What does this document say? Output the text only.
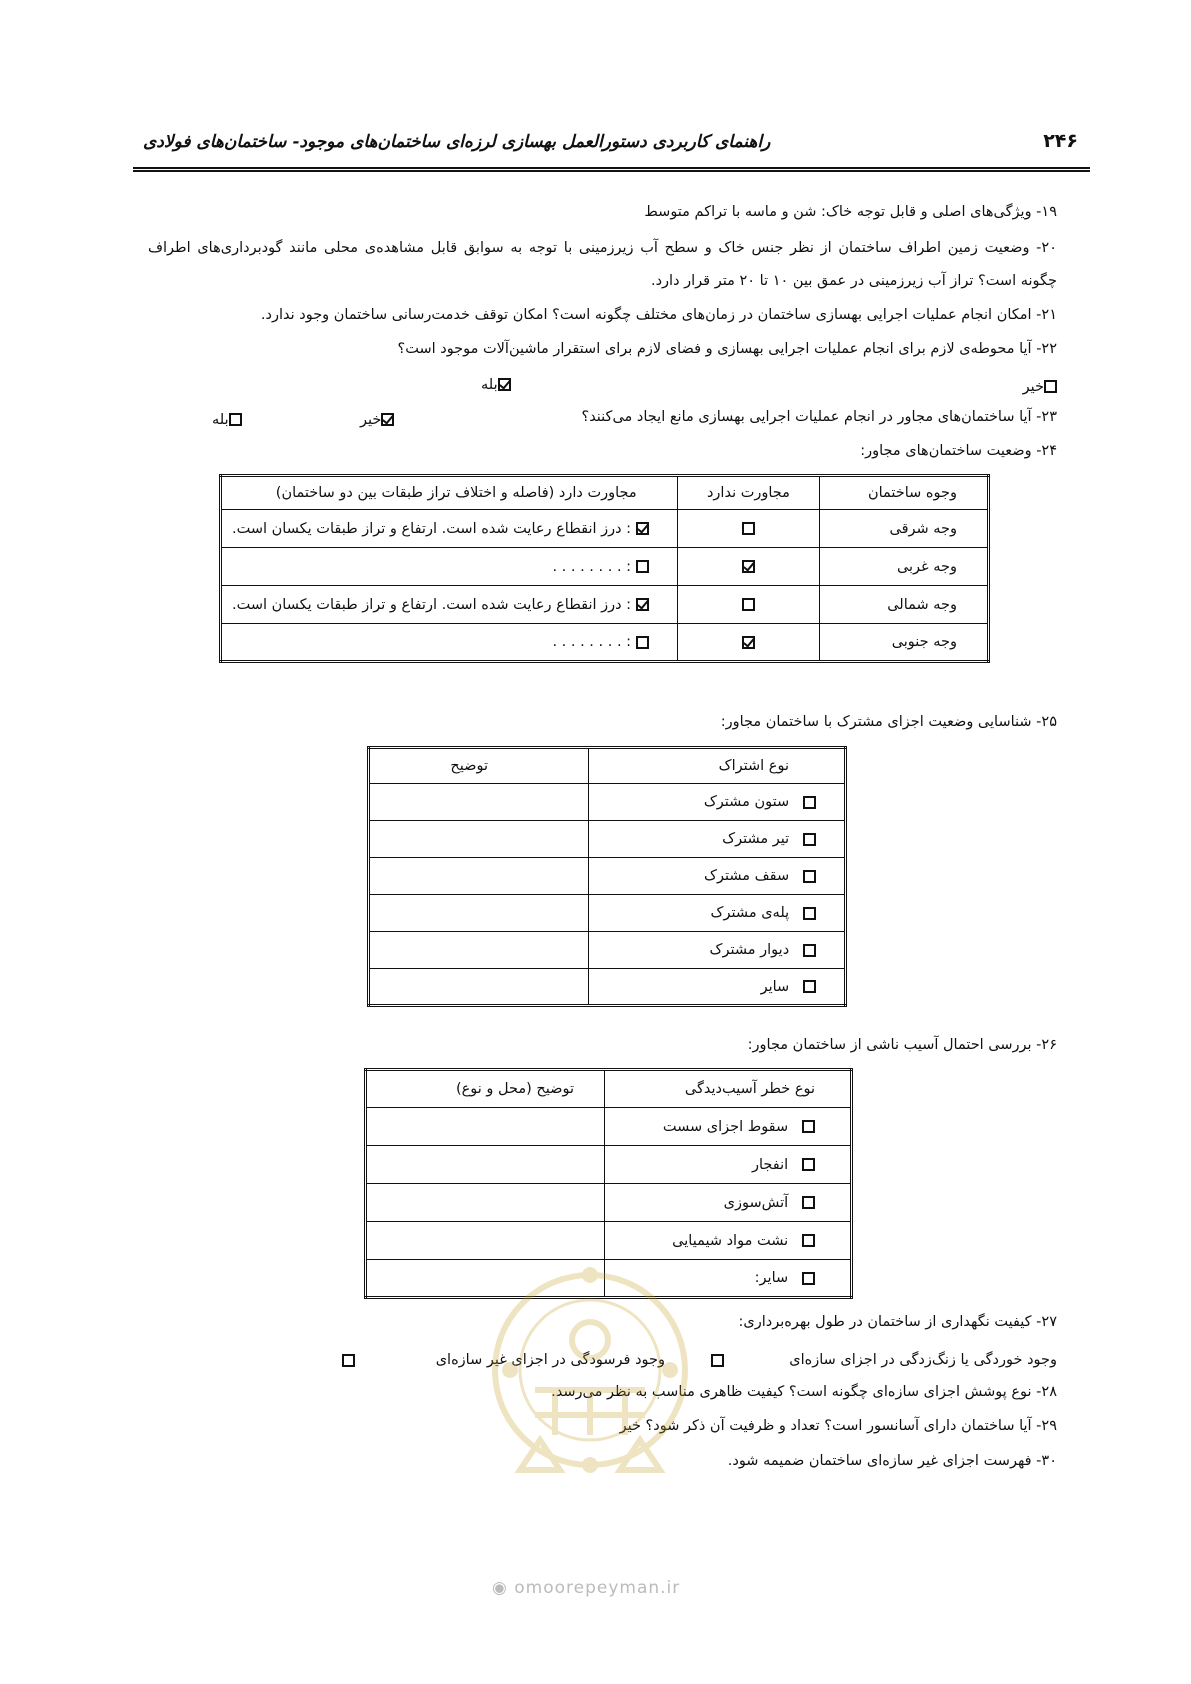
راهنمای کاربردی دستورالعمل بهسازی لرزه‌ای ساختمان‌های موجود- ساختمان‌های فولادی	۲۴۶
۱۹- ویژگی‌های اصلی و قابل توجه خاک: شن و ماسه با تراکم متوسط
۲۰- وضعیت زمین اطراف ساختمان از نظر جنس خاک و سطح آب زیرزمینی با توجه به سوابق قابل مشاهده‌ی محلی مانند گودبرداری‌های اطراف
چگونه است؟ تراز آب زیرزمینی در عمق بین ۱۰ تا ۲۰ متر قرار دارد.
۲۱- امکان انجام عملیات اجرایی بهسازی ساختمان در زمان‌های مختلف چگونه است؟ امکان توقف خدمت‌رسانی ساختمان وجود ندارد.
۲۲- آیا محوطه‌ی لازم برای انجام عملیات اجرایی بهسازی و فضای لازم برای استقرار ماشین‌آلات موجود است؟
بله	خیر
۲۳- آیا ساختمان‌های مجاور در انجام عملیات اجرایی بهسازی مانع ایجاد می‌کنند؟
خیر
بله
۲۴- وضعیت ساختمان‌های مجاور:
وجوه ساختمان	مجاورت ندارد	مجاورت دارد (فاصله و اختلاف تراز طبقات بین دو ساختمان)
وجه شرقی		: درز انقطاع رعایت شده است. ارتفاع و تراز طبقات یکسان است.
وجه غربی		: . . . . . . . .
وجه شمالی		: درز انقطاع رعایت شده است. ارتفاع و تراز طبقات یکسان است.
وجه جنوبی		: . . . . . . . .
۲۵- شناسایی وضعیت اجزای مشترک با ساختمان مجاور:
نوع اشتراک	توضیح
ستون مشترک	
تیر مشترک	
سقف مشترک	
پله‌ی مشترک	
دیوار مشترک	
سایر	
۲۶- بررسی احتمال آسیب ناشی از ساختمان مجاور:
نوع خطر آسیب‌دیدگی	توضیح (محل و نوع)
سقوط اجزای سست	
انفجار	
آتش‌سوزی	
نشت مواد شیمیایی	
سایر:	
۲۷- کیفیت نگهداری از ساختمان در طول بهره‌برداری:
وجود خوردگی یا زنگ‌زدگی در اجزای سازه‌ای
وجود فرسودگی در اجزای غیر سازه‌ای
۲۸- نوع پوشش اجزای سازه‌ای چگونه است؟ کیفیت ظاهری مناسب به نظر می‌رسد.
۲۹- آیا ساختمان دارای آسانسور است؟ تعداد و ظرفیت آن ذکر شود؟ خیر
۳۰- فهرست اجزای غیر سازه‌ای ساختمان ضمیمه شود.
◉ omoorepeyman.ir
